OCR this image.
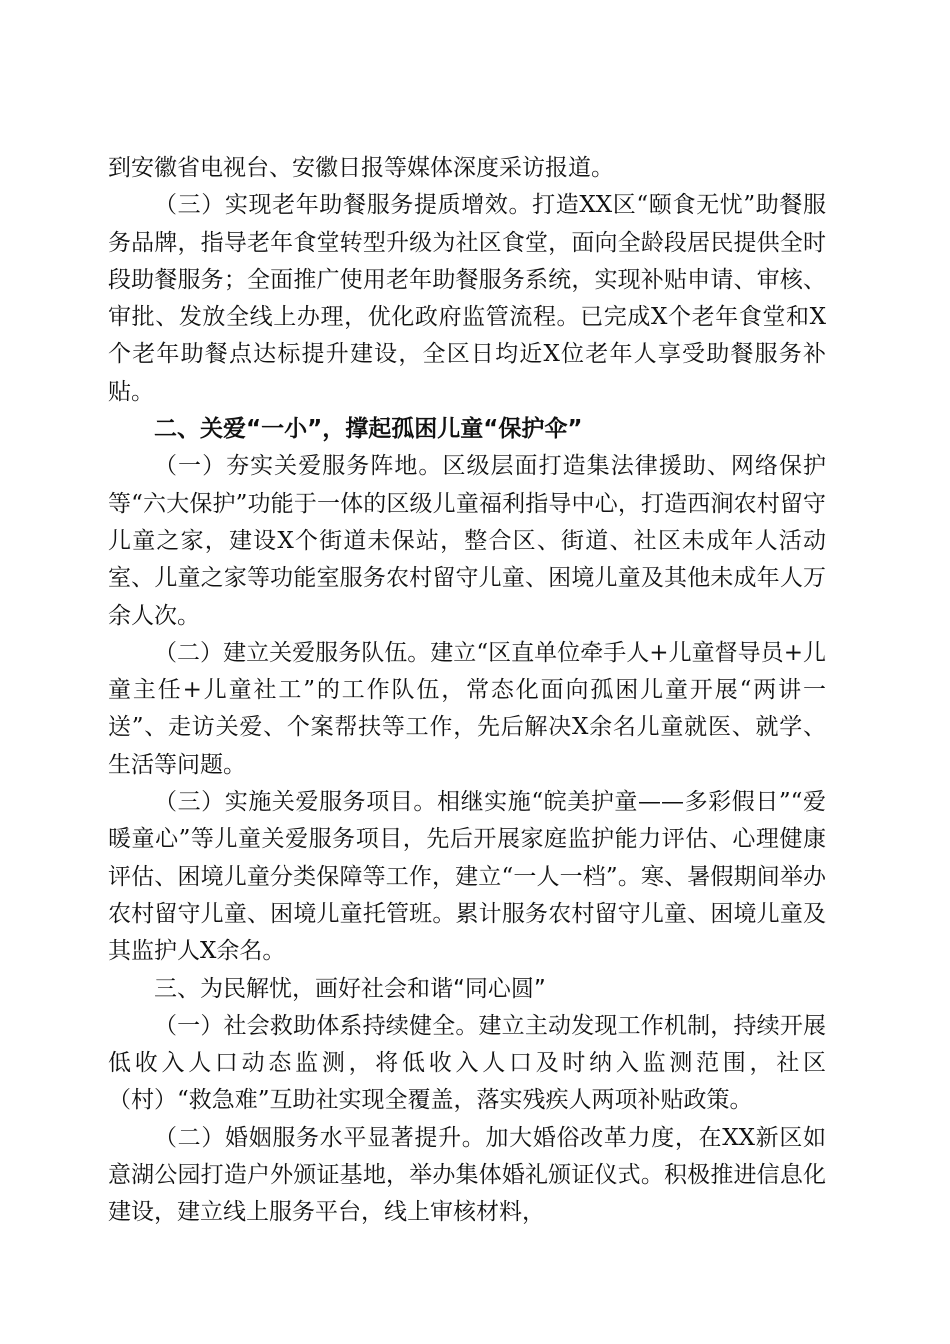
到安徽省电视台、安徽日报等媒体深度采访报道。

（三）实现老年助餐服务提质增效。打造XX区“颐食无忧”助餐服务品牌，指导老年食堂转型升级为社区食堂，面向全龄段居民提供全时段助餐服务；全面推广使用老年助餐服务系统，实现补贴申请、审核、审批、发放全线上办理，优化政府监管流程。已完成X个老年食堂和X个老年助餐点达标提升建设，全区日均近X位老年人享受助餐服务补贴。

二、关爱“一小”，撑起孤困儿童“保护伞”

（一）夯实关爱服务阵地。区级层面打造集法律援助、网络保护等“六大保护”功能于一体的区级儿童福利指导中心，打造西涧农村留守儿童之家，建设X个街道未保站，整合区、街道、社区未成年人活动室、儿童之家等功能室服务农村留守儿童、困境儿童及其他未成年人万余人次。

（二）建立关爱服务队伍。建立“区直单位牵手人+儿童督导员+儿童主任+儿童社工”的工作队伍，常态化面向孤困儿童开展“两讲一送”、走访关爱、个案帮扶等工作，先后解决X余名儿童就医、就学、生活等问题。

（三）实施关爱服务项目。相继实施“皖美护童——多彩假日”“爱暖童心”等儿童关爱服务项目，先后开展家庭监护能力评估、心理健康评估、困境儿童分类保障等工作，建立“一人一档”。寒、暑假期间举办农村留守儿童、困境儿童托管班。累计服务农村留守儿童、困境儿童及其监护人X余名。

三、为民解忧，画好社会和谐“同心圆”

（一）社会救助体系持续健全。建立主动发现工作机制，持续开展低收入人口动态监测，将低收入人口及时纳入监测范围，社区（村）“救急难”互助社实现全覆盖，落实残疾人两项补贴政策。

（二）婚姻服务水平显著提升。加大婚俗改革力度，在XX新区如意湖公园打造户外颁证基地，举办集体婚礼颁证仪式。积极推进信息化建设，建立线上服务平台，线上审核材料，
